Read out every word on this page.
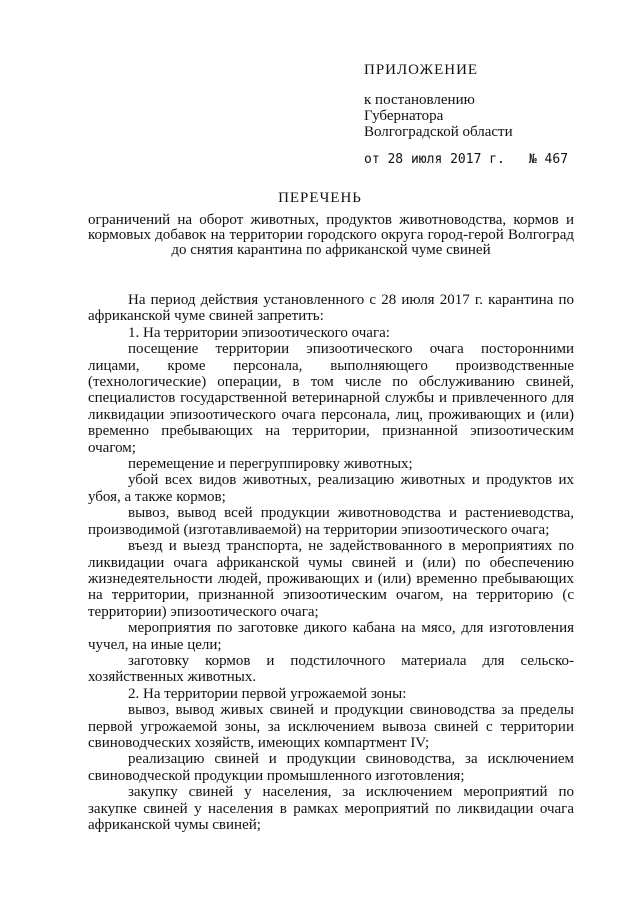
ПРИЛОЖЕНИЕ
к постановлению
Губернатора
Волгоградской области
от 28 июля 2017 г. № 467
ПЕРЕЧЕНЬ
ограничений на оборот животных, продуктов животноводства, кормов и кормовых добавок на территории городского округа город-герой Волгоград до снятия карантина по африканской чуме свиней

На период действия установленного с 28 июля 2017 г. карантина по африканской чуме свиней запретить:

1. На территории эпизоотического очага:

посещение территории эпизоотического очага посторонними лицами, кроме персонала, выполняющего производственные (технологические) операции, в том числе по обслуживанию свиней, специалистов государственной ветеринарной службы и привлеченного для ликвидации эпизоотического очага персонала, лиц, проживающих и (или) временно пребывающих на территории, признанной эпизоотическим очагом;

перемещение и перегруппировку животных;

убой всех видов животных, реализацию животных и продуктов их убоя, а также кормов;

вывоз, вывод всей продукции животноводства и растениеводства, производимой (изготавливаемой) на территории эпизоотического очага;

въезд и выезд транспорта, не задействованного в мероприятиях по ликвидации очага африканской чумы свиней и (или) по обеспечению жизнедеятельности людей, проживающих и (или) временно пребывающих на территории, признанной эпизоотическим очагом, на территорию (с территории) эпизоотического очага;

мероприятия по заготовке дикого кабана на мясо, для изготовления чучел, на иные цели;

заготовку кормов и подстилочного материала для сельско-хозяйственных животных.

2. На территории первой угрожаемой зоны:

вывоз, вывод живых свиней и продукции свиноводства за пределы первой угрожаемой зоны, за исключением вывоза свиней с территории свиноводческих хозяйств, имеющих компартмент IV;

реализацию свиней и продукции свиноводства, за исключением свиноводческой продукции промышленного изготовления;

закупку свиней у населения, за исключением мероприятий по закупке свиней у населения в рамках мероприятий по ликвидации очага африканской чумы свиней;
